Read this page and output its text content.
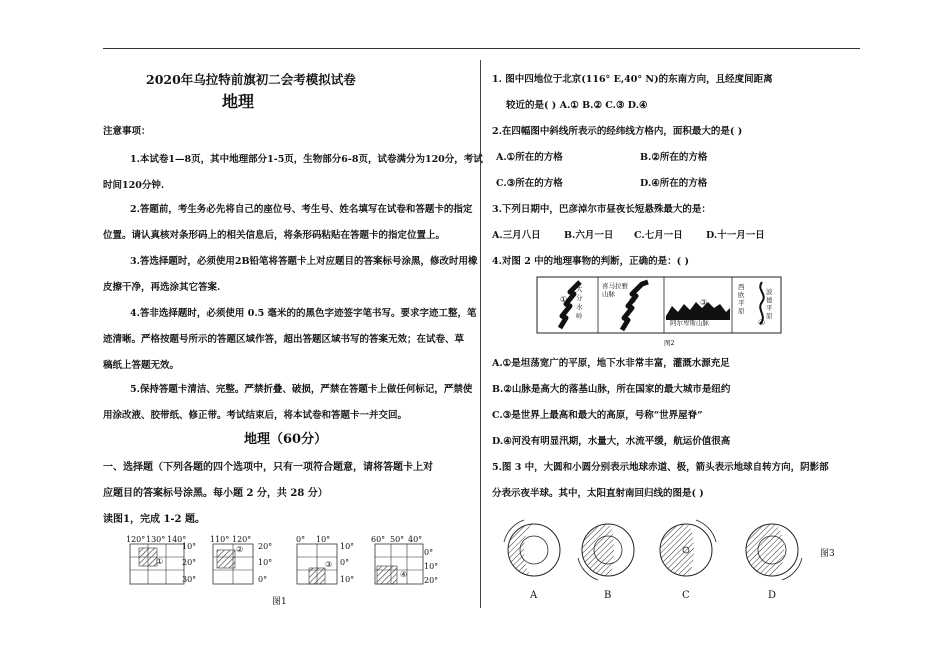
2020年乌拉特前旗初二会考模拟试卷
地理
注意事项：
1.本试卷1—8页，其中地理部分1-5页，生物部分6-8页，试卷满分为120分，考试
时间120分钟.
2.答题前，考生务必先将自己的座位号、考生号、姓名填写在试卷和答题卡的指定
位置。请认真核对条形码上的相关信息后，将条形码粘贴在答题卡的指定位置上。
3.答选择题时，必须使用2B铅笔将答题卡上对应题目的答案标号涂黑，修改时用橡
皮擦干净，再选涂其它答案.
4.答非选择题时，必须使用 0.5 毫米的的黑色字迹签字笔书写。要求字迹工整，笔
迹清晰。严格按题号所示的答题区域作答，超出答题区域书写的答案无效；在试卷、草
稿纸上答题无效。
5.保持答题卡清洁、完整。严禁折叠、破损，严禁在答题卡上做任何标记，严禁使
用涂改液、胶带纸、修正带。考试结束后，将本试卷和答题卡一并交回。
地理（60分）
一、选择题（下列各题的四个选项中，只有一项符合题意，请将答题卡上对
应题目的答案标号涂黑。每小题 2 分，共 28 分）
读图1，完成 1-2 题。
120° 130° 140°
10°
20°
30°
①
110° 120°
20°
10°
0°
②
0° 10°
10°
0°
10°
③
60° 50° 40°
0°
10°
20°
④
图1
1. 图中四地位于北京(116° E,40° N)的东南方向，且经度间距离
较近的是( ) A.① B.② C.③ D.④
2.在四幅图中斜线所表示的经纬线方格内，面积最大的是( )
A.①所在的方格	B.②所在的方格
C.③所在的方格	D.④所在的方格
3.下列日期中，巴彦淖尔市昼夜长短悬殊最大的是：
A.三月八日 B.六月一日 C.七月一日 D.十一月一日
4.对图 2 中的地理事物的判断，正确的是：( )
①
大分水岭
②
喜马拉雅山脉
③
阿尔卑斯山脉
西欧平原
④
波德平原
图2
A.①是坦荡宽广的平原，地下水非常丰富，灌溉水源充足
B.②山脉是高大的落基山脉，所在国家的最大城市是纽约
C.③是世界上最高和最大的高原，号称“世界屋脊”
D.④河没有明显汛期，水量大，水流平缓，航运价值很高
5.图 3 中，大圆和小圆分别表示地球赤道、极，箭头表示地球自转方向，阴影部
分表示夜半球。其中，太阳直射南回归线的图是( )
图3
A	B	C	D
